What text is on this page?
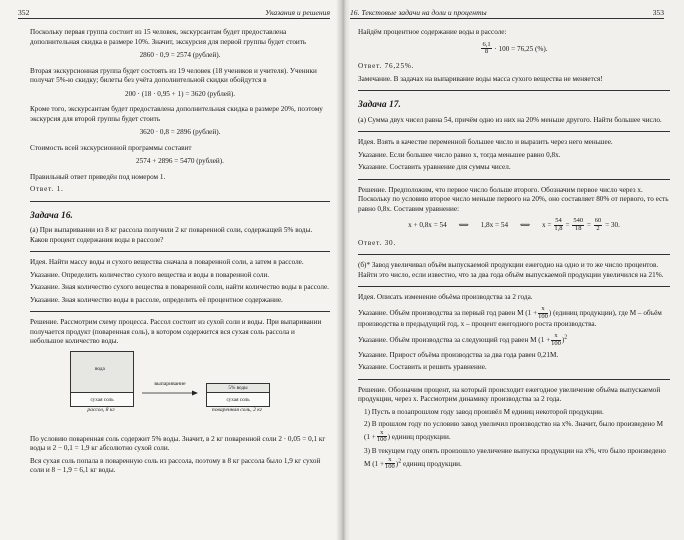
352	Указания и решения

Поскольку первая группа состоит из 15 человек, экскурсантам будет предоставлена дополнительная скидка в размере 10%. Значит, экскурсия для первой группы будет стоить

2860 · 0,9 = 2574 (рублей).

Вторая экскурсионная группа будет состоять из 19 человек (18 учеников и учителя). Ученики получат 5%-ю скидку; билеты без учёта дополнительной скидки обойдутся в

200 · (18 · 0,95 + 1) = 3620 (рублей).

Кроме того, экскурсантам будет предоставлена дополнительная скидка в размере 20%, поэтому экскурсия для второй группы будет стоить

3620 · 0,8 = 2896 (рублей).

Стоимость всей экскурсионной программы составит

2574 + 2896 = 5470 (рублей).

Правильный ответ приведён под номером 1.

Ответ. 1.

Задача 16.

(а) При выпаривании из 8 кг рассола получили 2 кг поваренной соли, содержащей 5% воды. Каков процент содержания воды в рассоле?

Идея. Найти массу воды и сухого вещества сначала в поваренной соли, а затем в рассоле.

Указание. Определить количество сухого вещества и воды в поваренной соли.

Указание. Зная количество сухого вещества в поваренной соли, найти количество воды в рассоле.

Указание. Зная количество воды в рассоле, определить её процентное содержание.

Решение. Рассмотрим схему процесса. Рассол состоит из сухой соли и воды. При выпаривании получается продукт (поваренная соль), в котором содержится вся сухая соль рассола и небольшое количество воды.

вода
сухая соль
рассол, 8 кг
выпаривание
5% воды
сухая соль
поваренная соль, 2 кг

По условию поваренная соль содержит 5% воды. Значит, в 2 кг поваренной соли 2 · 0,05 = 0,1 кг воды и 2 − 0,1 = 1,9 кг абсолютно сухой соли.

Вся сухая соль попала в поваренную соль из рассола, поэтому в 8 кг рассола было 1,9 кг сухой соли и 8 − 1,9 = 6,1 кг воды.

16. Текстовые задачи на доли и проценты	353

Найдём процентное содержание воды в рассоле:

$\frac{6,1}{8} \cdot 100 = 76,25$ (%).

Ответ. 76,25%.

Замечание. В задачах на выпаривание воды масса сухого вещества не меняется!

Задача 17.

(а) Сумма двух чисел равна 54, причём одно из них на 20% меньше другого. Найти большее число.

Идея. Взять в качестве переменной большее число и выразить через него меньшее.

Указание. Если большее число равно x, тогда меньшее равно 0,8x.

Указание. Составить уравнение для суммы чисел.

Решение. Предположим, что первое число больше второго. Обозначим первое число через x. Поскольку по условию второе число меньше первого на 20%, оно составляет 80% от первого, то есть равно 0,8x. Составим уравнение:

x + 0,8x = 54 ⟺ 1,8x = 54 ⟺ $x = \frac{54}{1,8} = \frac{540}{18} = \frac{60}{2} = 30$.

Ответ. 30.

(б)* Завод увеличивал объём выпускаемой продукции ежегодно на одно и то же число процентов. Найти это число, если известно, что за два года объём выпускаемой продукции увеличился на 21%.

Идея. Описать изменение объёма производства за 2 года.

Указание. Объём производства за первый год равен M ($1 + \frac{x}{100}$ ) (единиц продукции), где M – объём производства в предыдущий год, x – процент ежегодного роста производства.

Указание. Объём производства за следующий год равен M $(1 + \frac{x}{100} )^2$

Указание. Прирост объёма производства за два года равен 0,21M.

Указание. Составить и решить уравнение.

Решение. Обозначим процент, на который происходит ежегодное увеличение объёма выпускаемой продукции, через x. Рассмотрим динамику производства за 2 года.

1) Пусть в позапрошлом году завод произвёл M единиц некоторой продукции.

2) В прошлом году по условию завод увеличил производство на x%. Значит, было произведено M ($1 + \frac{x}{100}$ ) единиц продукции.

3) В текущем году опять произошло увеличение выпуска продукции на x%, что было произведено M $(1 + \frac{x}{100} )^2$ единиц продукции.
